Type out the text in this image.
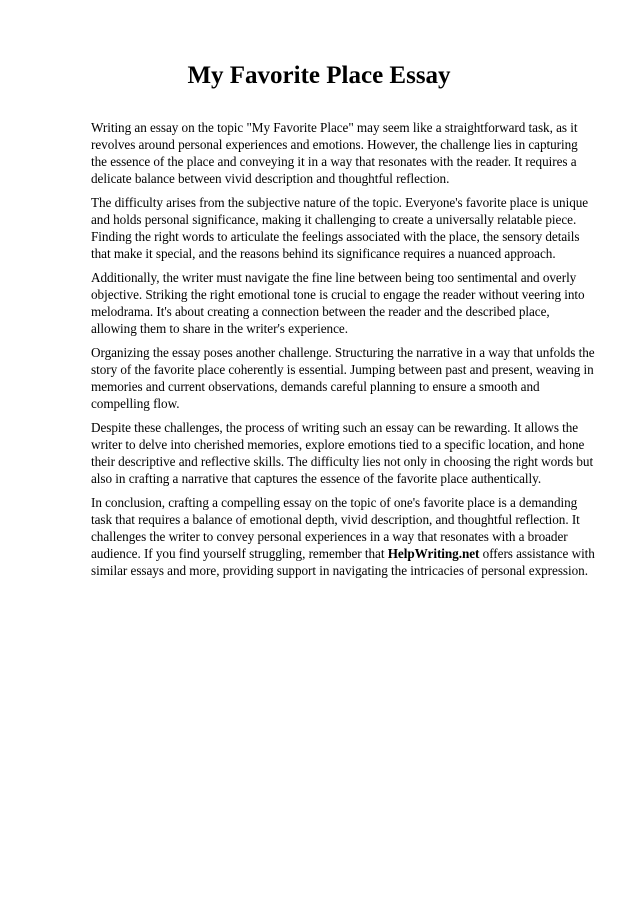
My Favorite Place Essay

Writing an essay on the topic "My Favorite Place" may seem like a straightforward task, as it revolves around personal experiences and emotions. However, the challenge lies in capturing the essence of the place and conveying it in a way that resonates with the reader. It requires a delicate balance between vivid description and thoughtful reflection.

The difficulty arises from the subjective nature of the topic. Everyone's favorite place is unique and holds personal significance, making it challenging to create a universally relatable piece. Finding the right words to articulate the feelings associated with the place, the sensory details that make it special, and the reasons behind its significance requires a nuanced approach.

Additionally, the writer must navigate the fine line between being too sentimental and overly objective. Striking the right emotional tone is crucial to engage the reader without veering into melodrama. It's about creating a connection between the reader and the described place, allowing them to share in the writer's experience.

Organizing the essay poses another challenge. Structuring the narrative in a way that unfolds the story of the favorite place coherently is essential. Jumping between past and present, weaving in memories and current observations, demands careful planning to ensure a smooth and compelling flow.

Despite these challenges, the process of writing such an essay can be rewarding. It allows the writer to delve into cherished memories, explore emotions tied to a specific location, and hone their descriptive and reflective skills. The difficulty lies not only in choosing the right words but also in crafting a narrative that captures the essence of the favorite place authentically.

In conclusion, crafting a compelling essay on the topic of one's favorite place is a demanding task that requires a balance of emotional depth, vivid description, and thoughtful reflection. It challenges the writer to convey personal experiences in a way that resonates with a broader audience. If you find yourself struggling, remember that HelpWriting.net offers assistance with similar essays and more, providing support in navigating the intricacies of personal expression.
